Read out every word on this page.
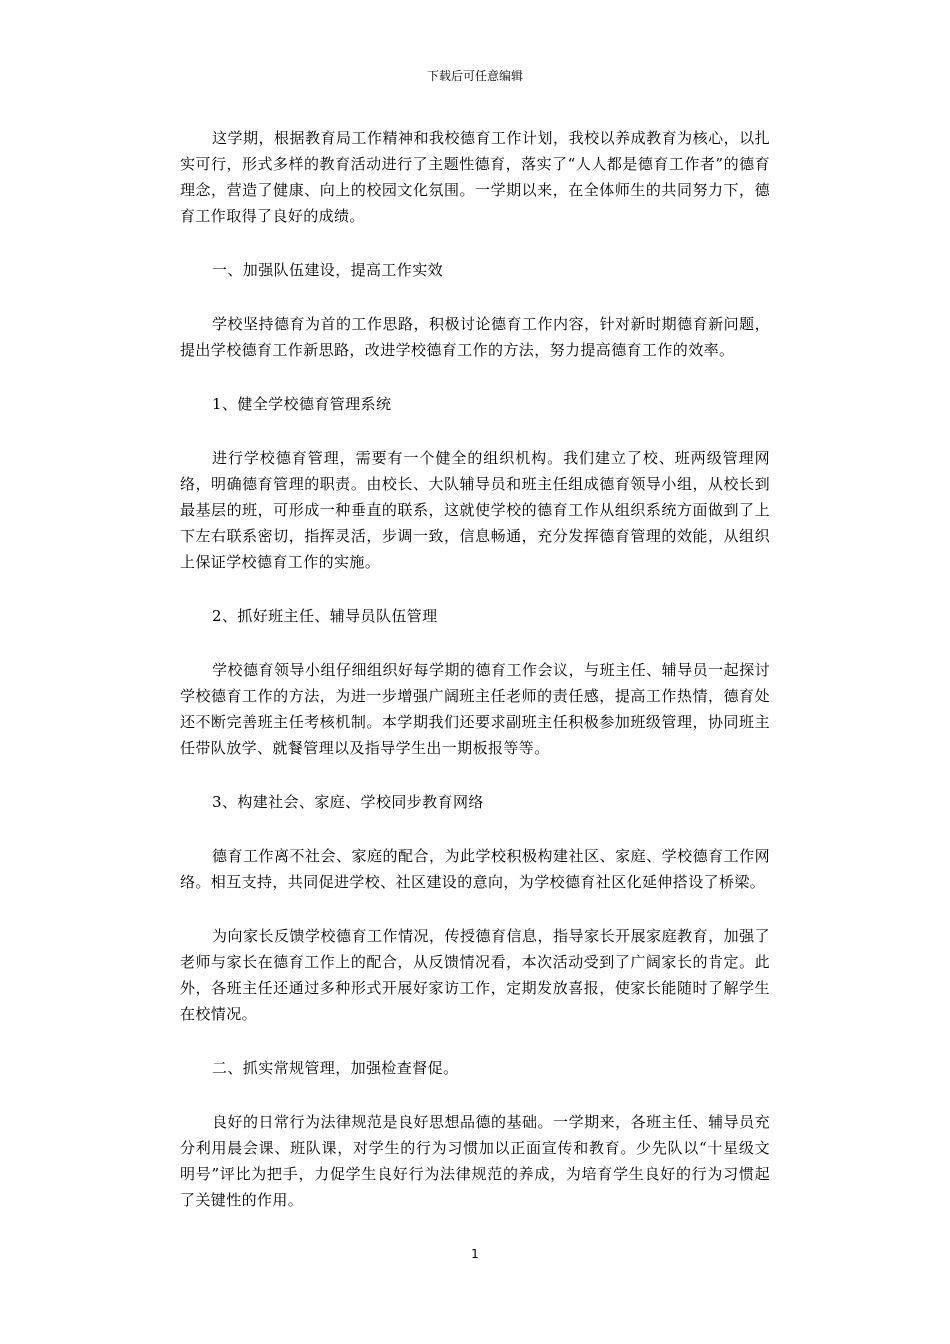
下载后可任意编辑

这学期，根据教育局工作精神和我校德育工作计划，我校以养成教育为核心，以扎实可行，形式多样的教育活动进行了主题性德育，落实了“人人都是德育工作者”的德育理念，营造了健康、向上的校园文化氛围。一学期以来，在全体师生的共同努力下，德育工作取得了良好的成绩。

一、加强队伍建设，提高工作实效

学校坚持德育为首的工作思路，积极讨论德育工作内容，针对新时期德育新问题，提出学校德育工作新思路，改进学校德育工作的方法，努力提高德育工作的效率。

1、健全学校德育管理系统

进行学校德育管理，需要有一个健全的组织机构。我们建立了校、班两级管理网络，明确德育管理的职责。由校长、大队辅导员和班主任组成德育领导小组，从校长到最基层的班，可形成一种垂直的联系，这就使学校的德育工作从组织系统方面做到了上下左右联系密切，指挥灵活，步调一致，信息畅通，充分发挥德育管理的效能，从组织上保证学校德育工作的实施。

2、抓好班主任、辅导员队伍管理

学校德育领导小组仔细组织好每学期的德育工作会议，与班主任、辅导员一起探讨学校德育工作的方法，为进一步增强广阔班主任老师的责任感，提高工作热情，德育处还不断完善班主任考核机制。本学期我们还要求副班主任积极参加班级管理，协同班主任带队放学、就餐管理以及指导学生出一期板报等等。

3、构建社会、家庭、学校同步教育网络

德育工作离不社会、家庭的配合，为此学校积极构建社区、家庭、学校德育工作网络。相互支持，共同促进学校、社区建设的意向，为学校德育社区化延伸搭设了桥梁。

为向家长反馈学校德育工作情况，传授德育信息，指导家长开展家庭教育，加强了老师与家长在德育工作上的配合，从反馈情况看，本次活动受到了广阔家长的肯定。此外，各班主任还通过多种形式开展好家访工作，定期发放喜报，使家长能随时了解学生在校情况。

二、抓实常规管理，加强检查督促。

良好的日常行为法律规范是良好思想品德的基础。一学期来，各班主任、辅导员充分利用晨会课、班队课，对学生的行为习惯加以正面宣传和教育。少先队以“十星级文明号”评比为把手，力促学生良好行为法律规范的养成，为培育学生良好的行为习惯起了关键性的作用。

1
